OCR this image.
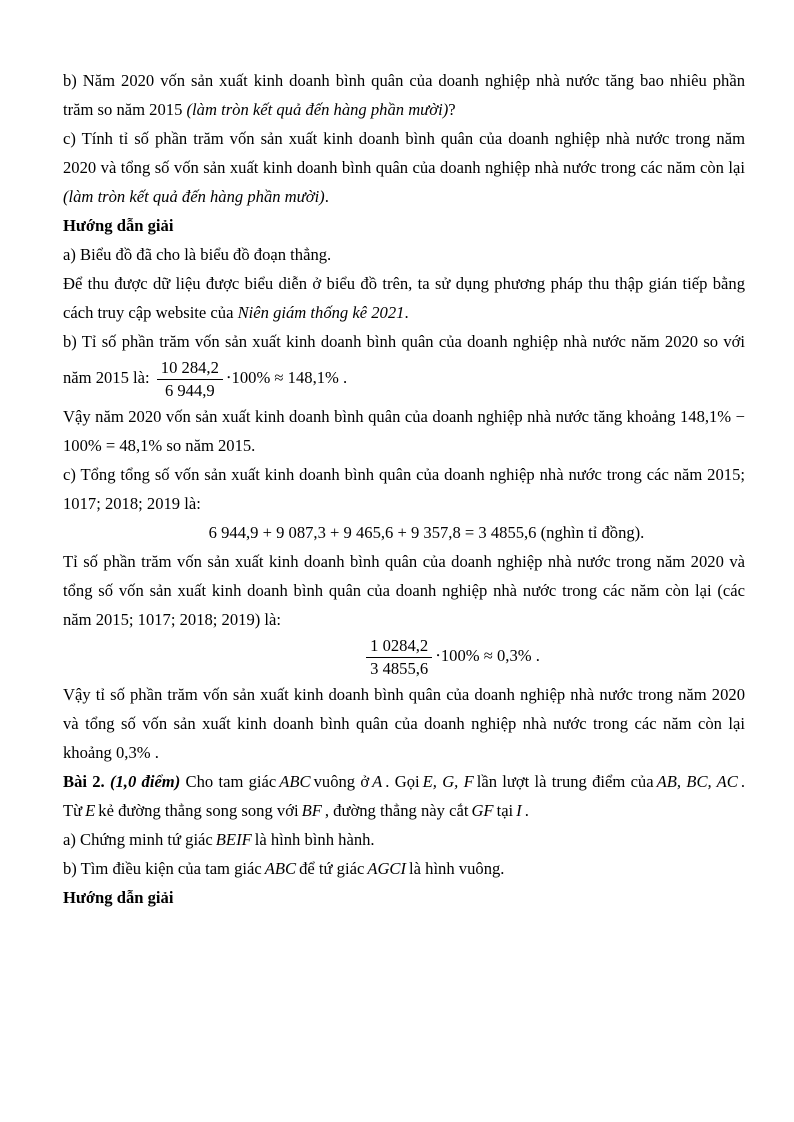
b) Năm 2020 vốn sản xuất kinh doanh bình quân của doanh nghiệp nhà nước tăng bao nhiêu phần trăm so năm 2015 (làm tròn kết quả đến hàng phần mười)?

c) Tính tỉ số phần trăm vốn sản xuất kinh doanh bình quân của doanh nghiệp nhà nước trong năm 2020 và tổng số vốn sản xuất kinh doanh bình quân của doanh nghiệp nhà nước trong các năm còn lại (làm tròn kết quả đến hàng phần mười).

Hướng dẫn giải

a) Biểu đồ đã cho là biểu đồ đoạn thẳng.

Để thu được dữ liệu được biểu diễn ở biểu đồ trên, ta sử dụng phương pháp thu thập gián tiếp bằng cách truy cập website của Niên giám thống kê 2021.

b) Tỉ số phần trăm vốn sản xuất kinh doanh bình quân của doanh nghiệp nhà nước năm 2020 so với năm 2015 là: $\frac{10 284,2}{6 944,9} \cdot 100\% \approx 148,1\%$ .

Vậy năm 2020 vốn sản xuất kinh doanh bình quân của doanh nghiệp nhà nước tăng khoảng 148,1% − 100% = 48,1% so năm 2015.

c) Tổng tổng số vốn sản xuất kinh doanh bình quân của doanh nghiệp nhà nước trong các năm 2015; 1017; 2018; 2019 là:

6 944,9 + 9 087,3 + 9 465,6 + 9 357,8 = 3 4855,6 (nghìn tỉ đồng).

Tỉ số phần trăm vốn sản xuất kinh doanh bình quân của doanh nghiệp nhà nước trong năm 2020 và tổng số vốn sản xuất kinh doanh bình quân của doanh nghiệp nhà nước trong các năm còn lại (các năm 2015; 1017; 2018; 2019) là:

$\frac{1 0284,2}{3 4855,6} \cdot 100\% \approx 0,3\%$ .

Vậy tỉ số phần trăm vốn sản xuất kinh doanh bình quân của doanh nghiệp nhà nước trong năm 2020 và tổng số vốn sản xuất kinh doanh bình quân của doanh nghiệp nhà nước trong các năm còn lại khoảng 0,3% .

Bài 2. (1,0 điểm) Cho tam giác ABC vuông ở A . Gọi E, G, F lần lượt là trung điểm của AB, BC, AC . Từ E kẻ đường thẳng song song với BF , đường thẳng này cắt GF tại I .

a) Chứng minh tứ giác BEIF là hình bình hành.

b) Tìm điều kiện của tam giác ABC để tứ giác AGCI là hình vuông.

Hướng dẫn giải
